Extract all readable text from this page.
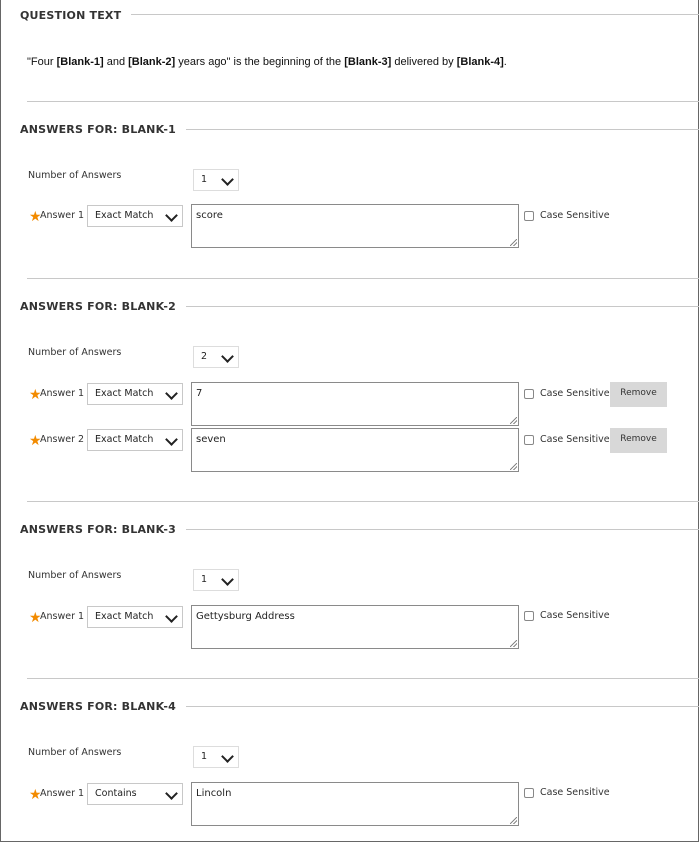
QUESTION TEXT
"Four [Blank-1] and [Blank-2] years ago" is the beginning of the [Blank-3] delivered by [Blank-4].
ANSWERS FOR: BLANK-1
Number of Answers	1
★
Answer 1	Exact Match	score	Case Sensitive
ANSWERS FOR: BLANK-2
Number of Answers	2
★
Answer 1	Exact Match	7	Case Sensitive	Remove
★
Answer 2	Exact Match	seven	Case Sensitive	Remove
ANSWERS FOR: BLANK-3
Number of Answers	1
★
Answer 1	Exact Match	Gettysburg Address	Case Sensitive
ANSWERS FOR: BLANK-4
Number of Answers	1
★
Answer 1	Contains	Lincoln	Case Sensitive
